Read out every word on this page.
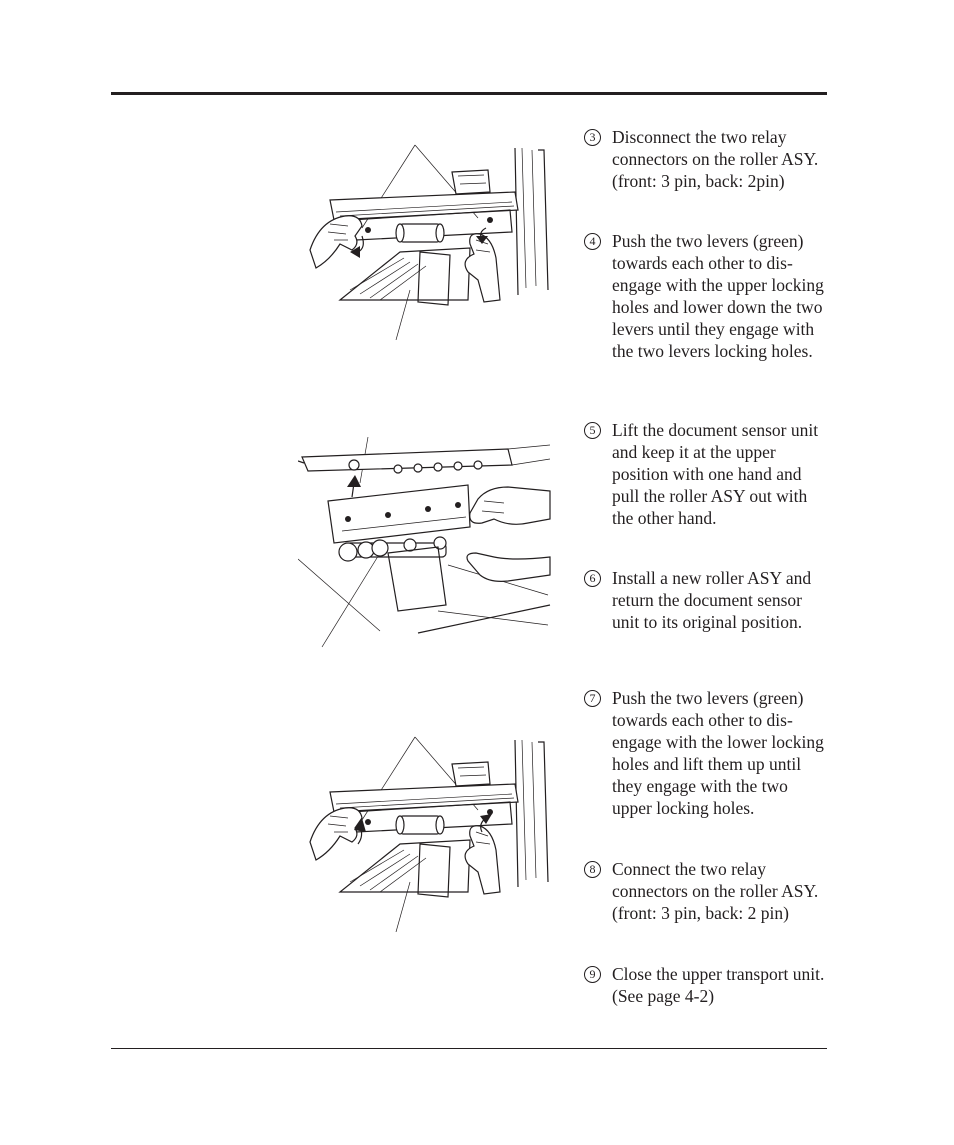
3 Disconnect the two relay connectors on the roller ASY. (front: 3 pin, back: 2pin)
4 Push the two levers (green) towards each other to dis-engage with the upper locking holes and lower down the two levers until they engage with the two levers locking holes.
5 Lift the document sensor unit and keep it at the upper position with one hand and pull the roller ASY out with the other hand.
6 Install a new roller ASY and return the document sensor unit to its original position.
7 Push the two levers (green) towards each other to dis-engage with the lower locking holes and lift them up until they engage with the two upper locking holes.
8 Connect the two relay connectors on the roller ASY. (front: 3 pin, back: 2 pin)
9 Close the upper transport unit. (See page 4-2)
